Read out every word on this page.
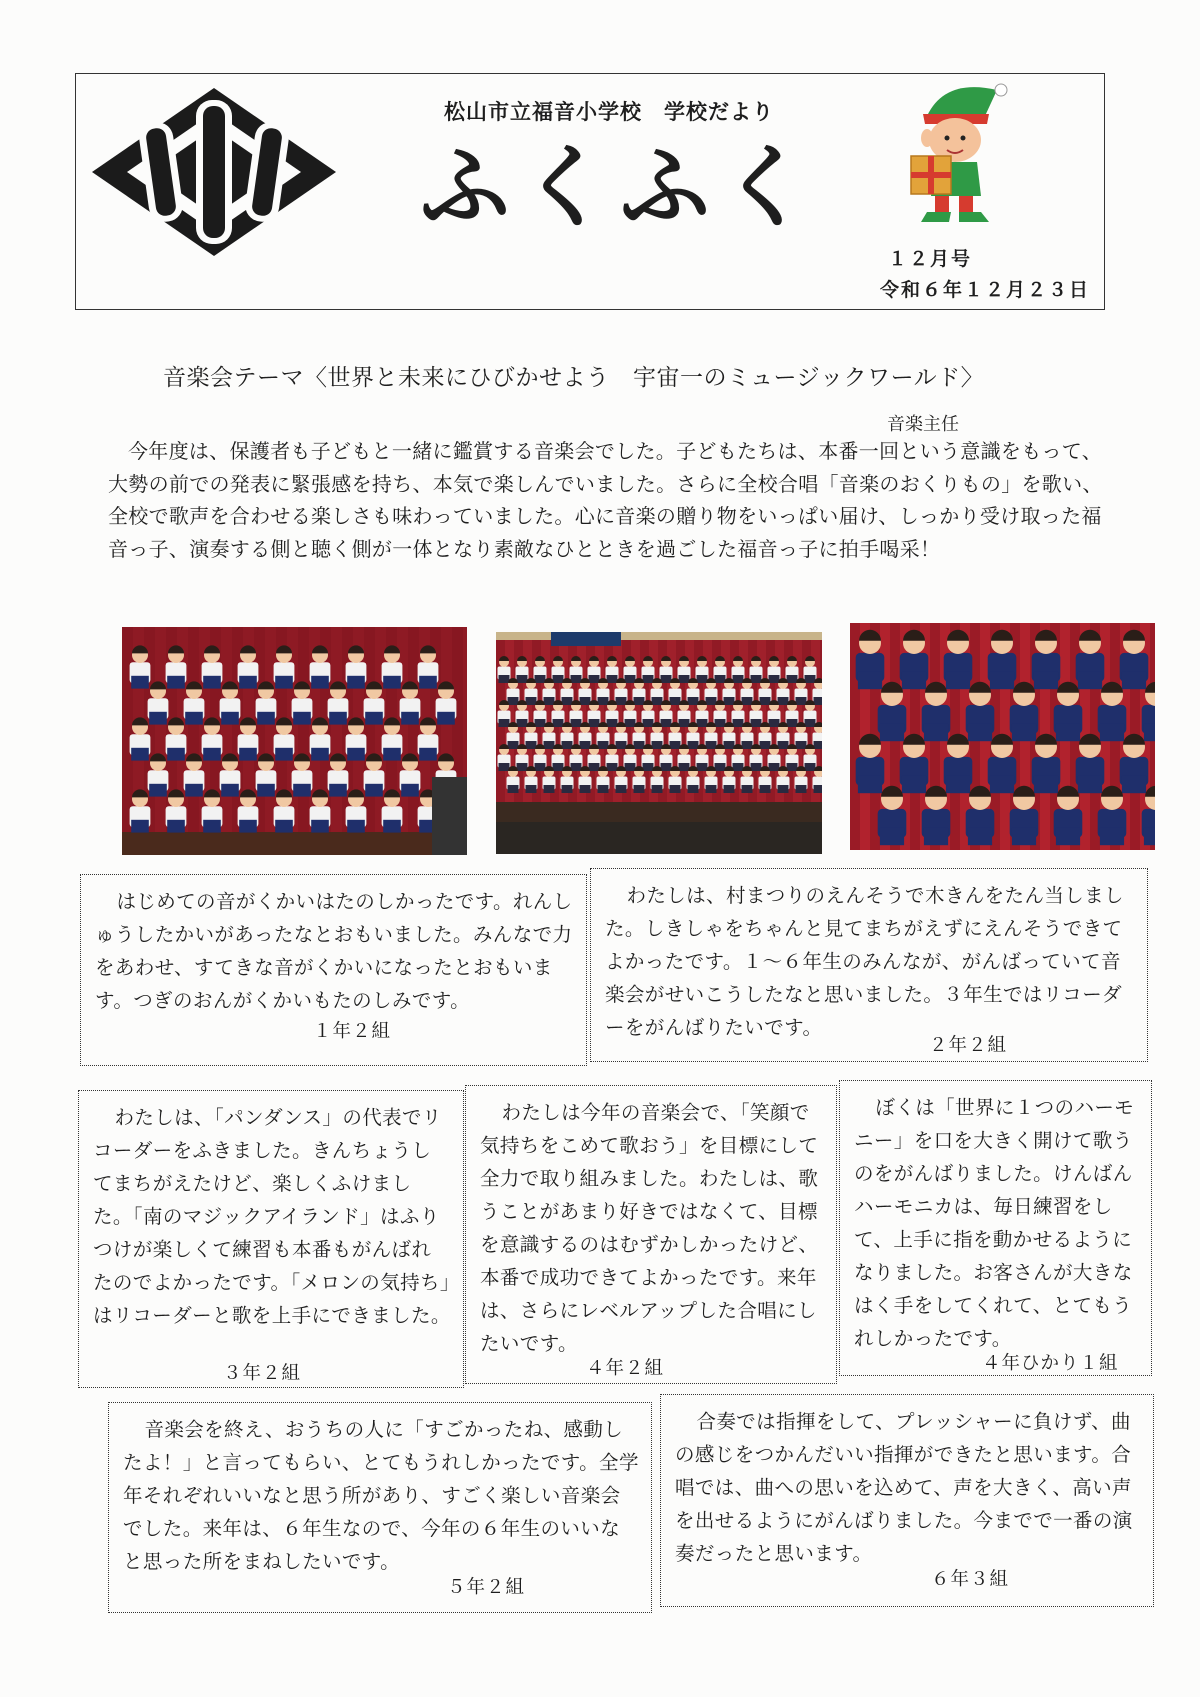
松山市立福音小学校　学校だより
ふくふく
１２月号
令和６年１２月２３日
音楽会テーマ〈世界と未来にひびかせよう　宇宙一のミュージックワールド〉
音楽主任

今年度は、保護者も子どもと一緒に鑑賞する音楽会でした。子どもたちは、本番一回という意識をもって、大勢の前での発表に緊張感を持ち、本気で楽しんでいました。さらに全校合唱「音楽のおくりもの」を歌い、全校で歌声を合わせる楽しさも味わっていました。心に音楽の贈り物をいっぱい届け、しっかり受け取った福音っ子、演奏する側と聴く側が一体となり素敵なひとときを過ごした福音っ子に拍手喝采！

はじめての音がくかいはたのしかったです。れんしゅうしたかいがあったなとおもいました。みんなで力をあわせ、すてきな音がくかいになったとおもいます。つぎのおんがくかいもたのしみです。

１年２組

わたしは、村まつりのえんそうで木きんをたん当しました。しきしゃをちゃんと見てまちがえずにえんそうできてよかったです。１～６年生のみんなが、がんばっていて音楽会がせいこうしたなと思いました。３年生ではリコーダーをがんばりたいです。

２年２組

わたしは、「パンダンス」の代表でリコーダーをふきました。きんちょうしてまちがえたけど、楽しくふけました。「南のマジックアイランド」はふりつけが楽しくて練習も本番もがんばれたのでよかったです。「メロンの気持ち」はリコーダーと歌を上手にできました。

３年２組

わたしは今年の音楽会で、「笑顔で気持ちをこめて歌おう」を目標にして全力で取り組みました。わたしは、歌うことがあまり好きではなくて、目標を意識するのはむずかしかったけど、本番で成功できてよかったです。来年は、さらにレベルアップした合唱にしたいです。

４年２組

ぼくは「世界に１つのハーモニー」を口を大きく開けて歌うのをがんばりました。けんばんハーモニカは、毎日練習をして、上手に指を動かせるようになりました。お客さんが大きなはく手をしてくれて、とてもうれしかったです。

４年ひかり１組

音楽会を終え、おうちの人に「すごかったね、感動したよ！」と言ってもらい、とてもうれしかったです。全学年それぞれいいなと思う所があり、すごく楽しい音楽会でした。来年は、６年生なので、今年の６年生のいいなと思った所をまねしたいです。

５年２組

合奏では指揮をして、プレッシャーに負けず、曲の感じをつかんだいい指揮ができたと思います。合唱では、曲への思いを込めて、声を大きく、高い声を出せるようにがんばりました。今までで一番の演奏だったと思います。

６年３組
